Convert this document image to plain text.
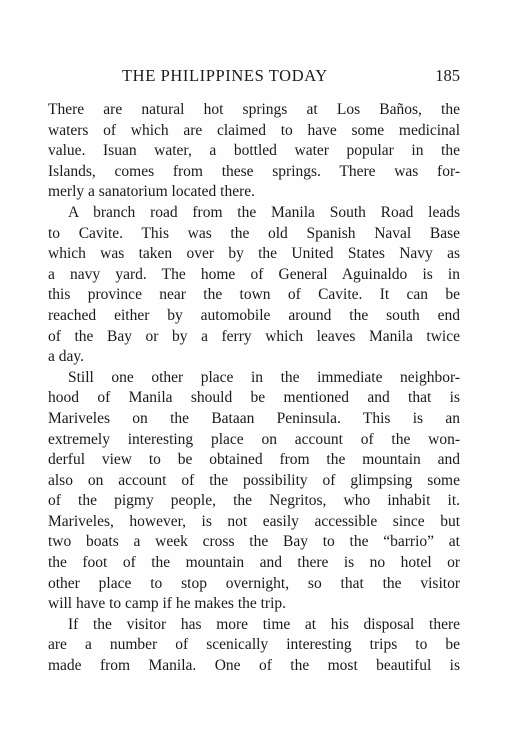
THE PHILIPPINES TODAY	185
There are natural hot springs at Los Baños, the
waters of which are claimed to have some medicinal
value. Isuan water, a bottled water popular in the
Islands, comes from these springs. There was for-
merly a sanatorium located there.
A branch road from the Manila South Road leads
to Cavite. This was the old Spanish Naval Base
which was taken over by the United States Navy as
a navy yard. The home of General Aguinaldo is in
this province near the town of Cavite. It can be
reached either by automobile around the south end
of the Bay or by a ferry which leaves Manila twice
a day.
Still one other place in the immediate neighbor-
hood of Manila should be mentioned and that is
Mariveles on the Bataan Peninsula. This is an
extremely interesting place on account of the won-
derful view to be obtained from the mountain and
also on account of the possibility of glimpsing some
of the pigmy people, the Negritos, who inhabit it.
Mariveles, however, is not easily accessible since but
two boats a week cross the Bay to the “barrio” at
the foot of the mountain and there is no hotel or
other place to stop overnight, so that the visitor
will have to camp if he makes the trip.
If the visitor has more time at his disposal there
are a number of scenically interesting trips to be
made from Manila. One of the most beautiful is
